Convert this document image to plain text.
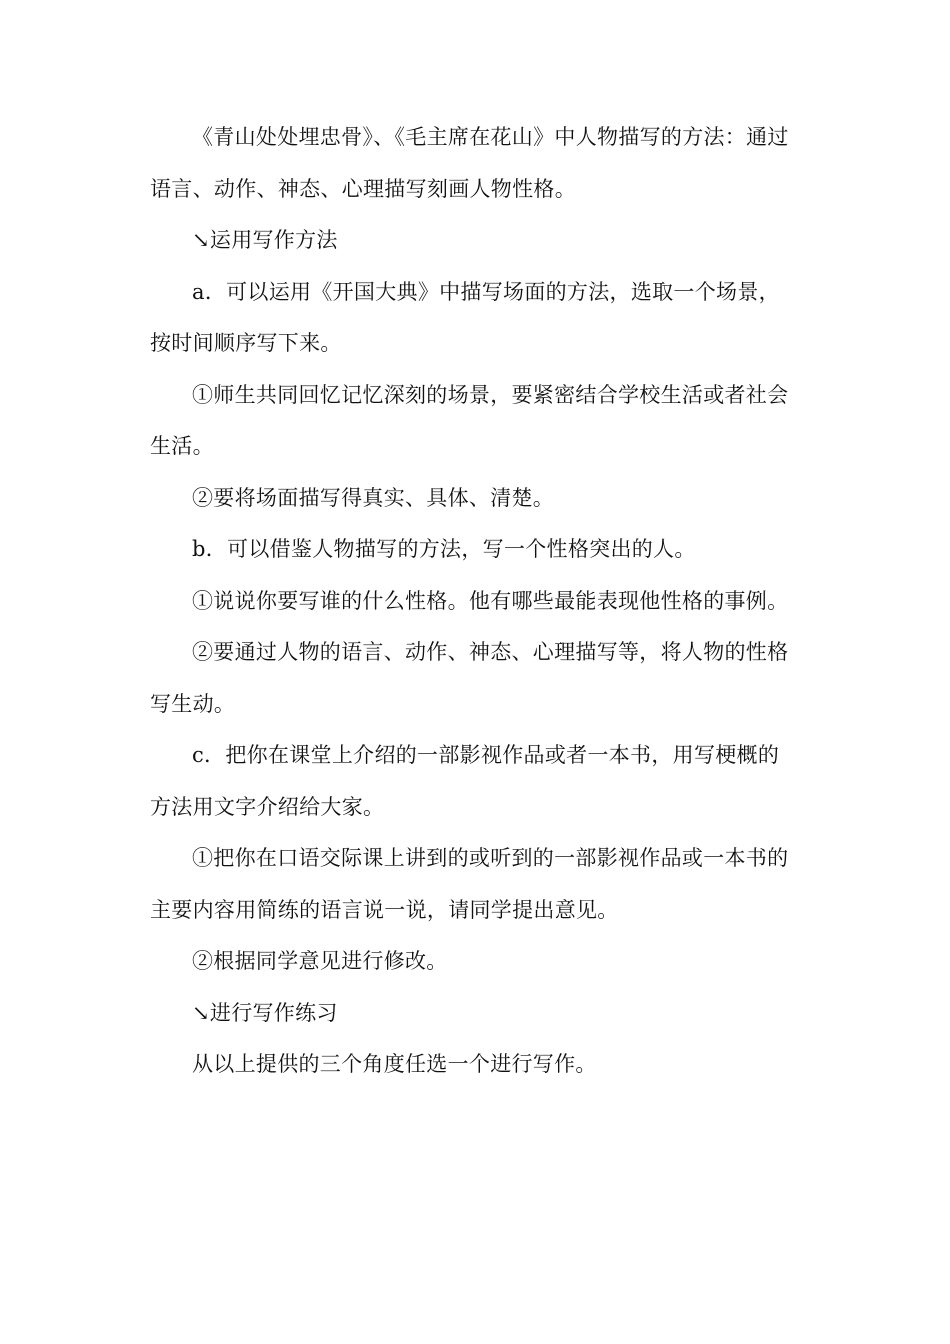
《青山处处埋忠骨》、《毛主席在花山》中人物描写的方法：通过语言、动作、神态、心理描写刻画人物性格。

↘运用写作方法

a．可以运用《开国大典》中描写场面的方法，选取一个场景，按时间顺序写下来。

①师生共同回忆记忆深刻的场景，要紧密结合学校生活或者社会生活。

②要将场面描写得真实、具体、清楚。

b．可以借鉴人物描写的方法，写一个性格突出的人。

①说说你要写谁的什么性格。他有哪些最能表现他性格的事例。

②要通过人物的语言、动作、神态、心理描写等，将人物的性格写生动。

c．把你在课堂上介绍的一部影视作品或者一本书，用写梗概的方法用文字介绍给大家。

①把你在口语交际课上讲到的或听到的一部影视作品或一本书的主要内容用简练的语言说一说，请同学提出意见。

②根据同学意见进行修改。

↘进行写作练习

从以上提供的三个角度任选一个进行写作。
